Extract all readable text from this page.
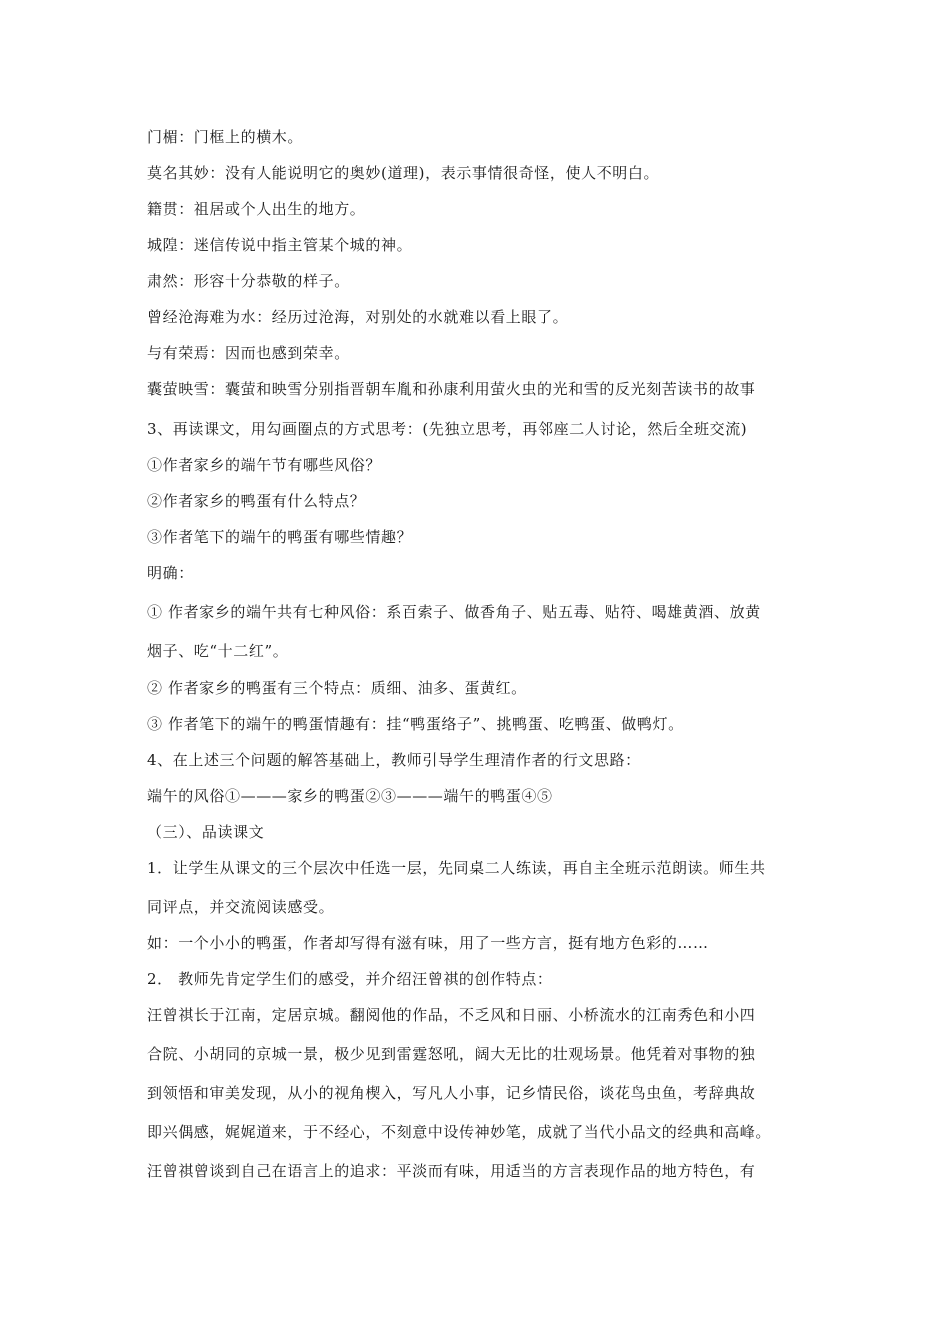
门楣：门框上的横木。
莫名其妙：没有人能说明它的奥妙(道理)，表示事情很奇怪，使人不明白。
籍贯：祖居或个人出生的地方。
城隍：迷信传说中指主管某个城的神。
肃然：形容十分恭敬的样子。
曾经沧海难为水：经历过沧海，对别处的水就难以看上眼了。
与有荣焉：因而也感到荣幸。
囊萤映雪：囊萤和映雪分别指晋朝车胤和孙康利用萤火虫的光和雪的反光刻苦读书的故事
3、再读课文，用勾画圈点的方式思考：(先独立思考，再邻座二人讨论，然后全班交流)
①作者家乡的端午节有哪些风俗？
②作者家乡的鸭蛋有什么特点？
③作者笔下的端午的鸭蛋有哪些情趣？
明确：
① 作者家乡的端午共有七种风俗：系百索子、做香角子、贴五毒、贴符、喝雄黄酒、放黄
烟子、吃“十二红”。
② 作者家乡的鸭蛋有三个特点：质细、油多、蛋黄红。
③ 作者笔下的端午的鸭蛋情趣有：挂“鸭蛋络子”、挑鸭蛋、吃鸭蛋、做鸭灯。
4、在上述三个问题的解答基础上，教师引导学生理清作者的行文思路：
端午的风俗①———家乡的鸭蛋②③———端午的鸭蛋④⑤
（三）、品读课文
1．让学生从课文的三个层次中任选一层，先同桌二人练读，再自主全班示范朗读。师生共
同评点，并交流阅读感受。
如：一个小小的鸭蛋，作者却写得有滋有味，用了一些方言，挺有地方色彩的……
2． 教师先肯定学生们的感受，并介绍汪曾祺的创作特点：
汪曾祺长于江南，定居京城。翻阅他的作品，不乏风和日丽、小桥流水的江南秀色和小四
合院、小胡同的京城一景，极少见到雷霆怒吼，阔大无比的壮观场景。他凭着对事物的独
到领悟和审美发现，从小的视角楔入，写凡人小事，记乡情民俗，谈花鸟虫鱼，考辞典故
即兴偶感，娓娓道来，于不经心，不刻意中设传神妙笔，成就了当代小品文的经典和高峰。
汪曾祺曾谈到自己在语言上的追求：平淡而有味，用适当的方言表现作品的地方特色，有
